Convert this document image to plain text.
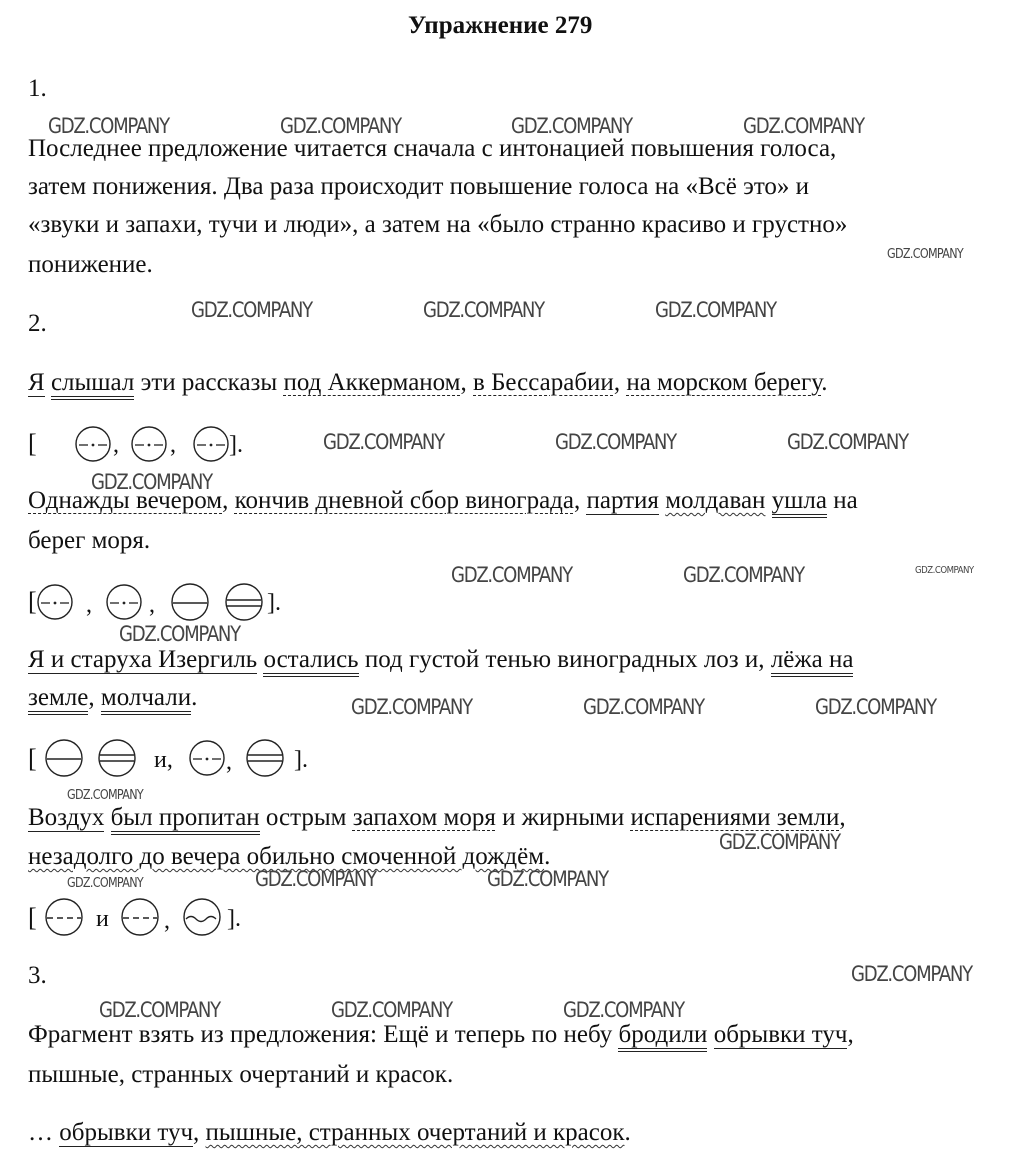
Упражнение 279
1.
Последнее предложение читается сначала с интонацией повышения голоса,
затем понижения. Два раза происходит повышение голоса на «Всё это» и
«звуки и запахи, тучи и люди», а затем на «было странно красиво и грустно»
понижение.
2.
Я слышал эти рассказы под Аккерманом, в Бессарабии, на морском берегу.
[	, , ].
Однажды вечером, кончив дневной сбор винограда, партия молдаван ушла на
берег моря.
[ , ,	].
Я и старуха Изергиль остались под густой тенью виноградных лоз и, лёжа на
земле, молчали.
[	и, ,	].
Воздух был пропитан острым запахом моря и жирными испарениями земли,
незадолго до вечера обильно смоченной дождём.
[ и , ].
3.
Фрагмент взять из предложения: Ещё и теперь по небу бродили обрывки туч,
пышные, странных очертаний и красок.
… обрывки туч, пышные, странных очертаний и красок.
GDZ.COMPANY	GDZ.COMPANY	GDZ.COMPANY	GDZ.COMPANY
GDZ.COMPANY
GDZ.COMPANY	GDZ.COMPANY	GDZ.COMPANY
GDZ.COMPANY	GDZ.COMPANY	GDZ.COMPANY
GDZ.COMPANY
GDZ.COMPANY	GDZ.COMPANY	GDZ.COMPANY
GDZ.COMPANY
GDZ.COMPANY	GDZ.COMPANY	GDZ.COMPANY
GDZ.COMPANY
GDZ.COMPANY
GDZ.COMPANY	GDZ.COMPANY	GDZ.COMPANY
GDZ.COMPANY
GDZ.COMPANY	GDZ.COMPANY	GDZ.COMPANY
